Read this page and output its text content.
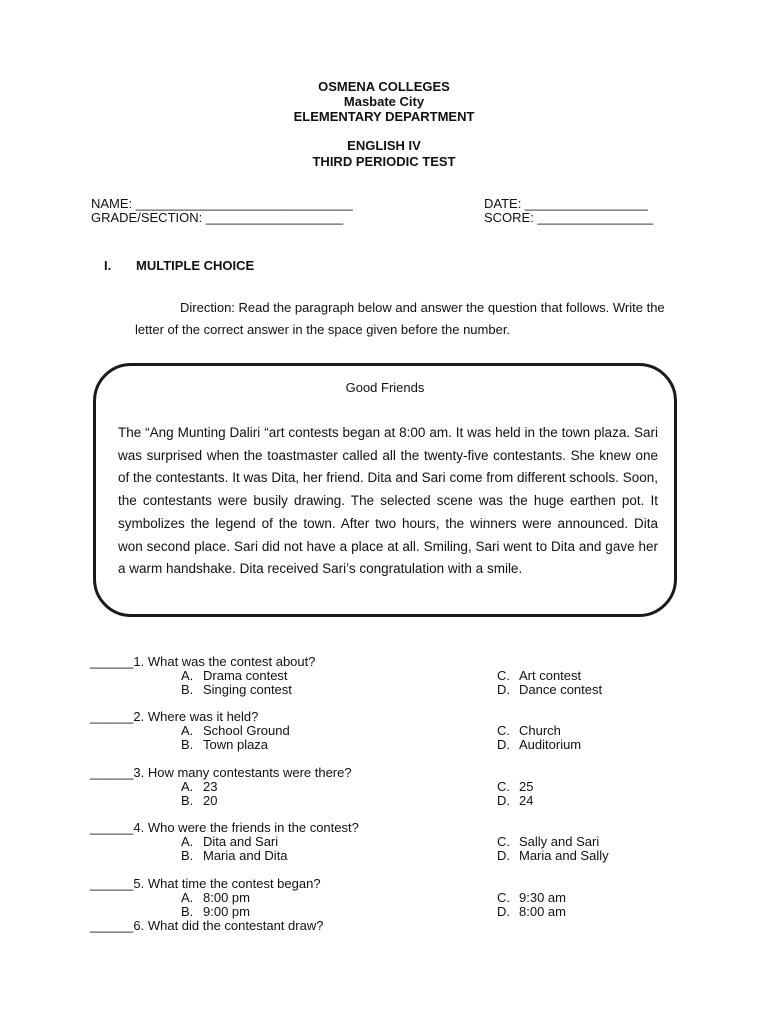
OSMENA COLLEGES
Masbate City
ELEMENTARY DEPARTMENT
ENGLISH IV
THIRD PERIODIC TEST
NAME: ______________________________
GRADE/SECTION: ___________________
DATE: _________________
SCORE: ________________
I. MULTIPLE CHOICE
Direction: Read the paragraph below and answer the question that follows. Write the letter of the correct answer in the space given before the number.
Good Friends
The “Ang Munting Daliri “art contests began at 8:00 am. It was held in the town plaza. Sari was surprised when the toastmaster called all the twenty-five contestants. She knew one of the contestants. It was Dita, her friend. Dita and Sari come from different schools. Soon, the contestants were busily drawing. The selected scene was the huge earthen pot. It symbolizes the legend of the town. After two hours, the winners were announced. Dita won second place. Sari did not have a place at all. Smiling, Sari went to Dita and gave her a warm handshake. Dita received Sari’s congratulation with a smile.
______1. What was the contest about?
A. Drama contest
B. Singing contest
C. Art contest
D. Dance contest
______2. Where was it held?
A. School Ground
B. Town plaza
C. Church
D. Auditorium
______3. How many contestants were there?
A. 23
B. 20
C. 25
D. 24
______4. Who were the friends in the contest?
A. Dita and Sari
B. Maria and Dita
C. Sally and Sari
D. Maria and Sally
______5. What time the contest began?
A. 8:00 pm
B. 9:00 pm
C. 9:30 am
D. 8:00 am
______6. What did the contestant draw?
